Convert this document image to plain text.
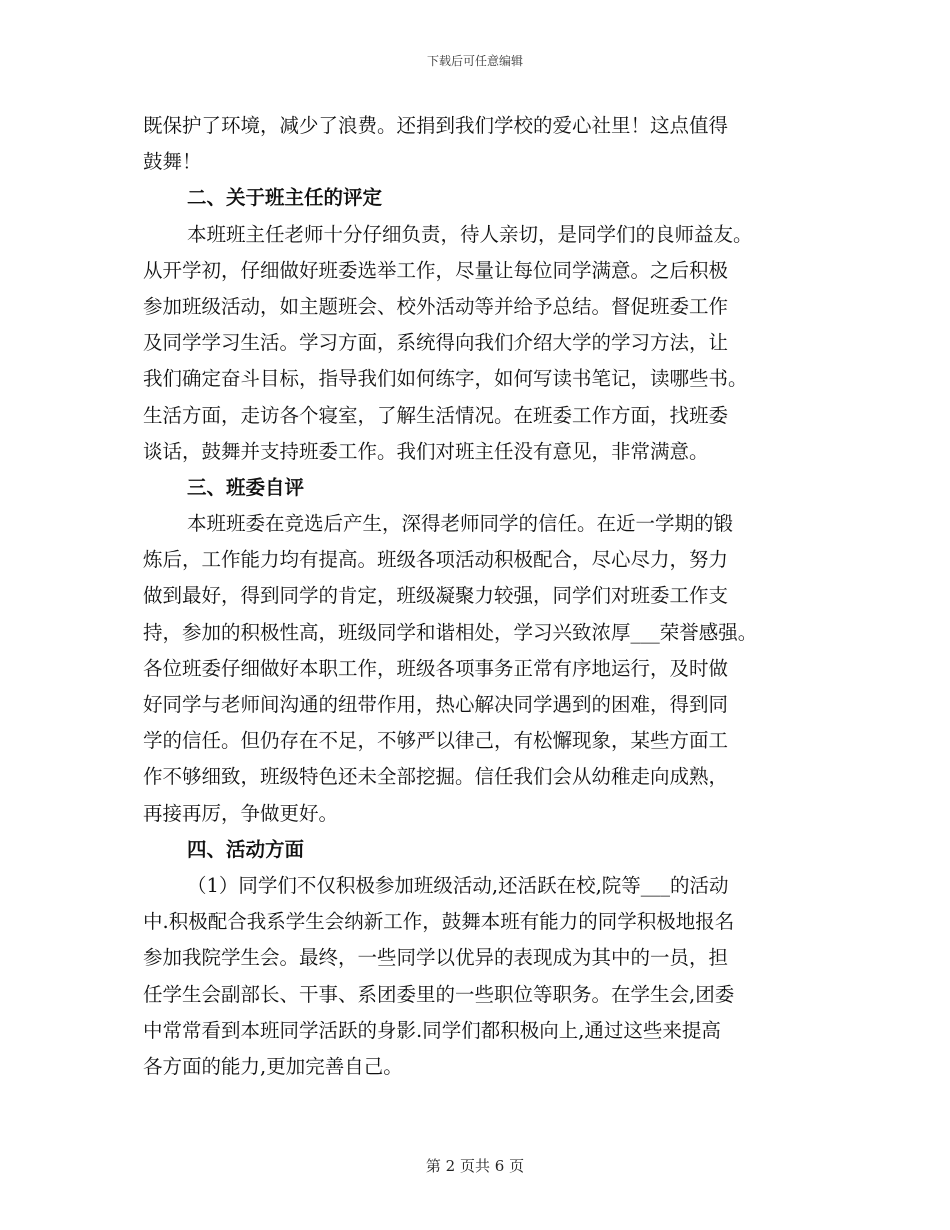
下载后可任意编辑
既保护了环境，减少了浪费。还捐到我们学校的爱心社里！这点值得
鼓舞！
二、关于班主任的评定
本班班主任老师十分仔细负责，待人亲切，是同学们的良师益友。
从开学初，仔细做好班委选举工作，尽量让每位同学满意。之后积极
参加班级活动，如主题班会、校外活动等并给予总结。督促班委工作
及同学学习生活。学习方面，系统得向我们介绍大学的学习方法，让
我们确定奋斗目标，指导我们如何练字，如何写读书笔记，读哪些书。
生活方面，走访各个寝室，了解生活情况。在班委工作方面，找班委
谈话，鼓舞并支持班委工作。我们对班主任没有意见，非常满意。
三、班委自评
本班班委在竞选后产生，深得老师同学的信任。在近一学期的锻
炼后，工作能力均有提高。班级各项活动积极配合，尽心尽力，努力
做到最好，得到同学的肯定，班级凝聚力较强，同学们对班委工作支
持，参加的积极性高，班级同学和谐相处，学习兴致浓厚___荣誉感强。
各位班委仔细做好本职工作，班级各项事务正常有序地运行，及时做
好同学与老师间沟通的纽带作用，热心解决同学遇到的困难，得到同
学的信任。但仍存在不足，不够严以律己，有松懈现象，某些方面工
作不够细致，班级特色还未全部挖掘。信任我们会从幼稚走向成熟，
再接再厉，争做更好。
四、活动方面
（1）同学们不仅积极参加班级活动,还活跃在校,院等___的活动
中.积极配合我系学生会纳新工作，鼓舞本班有能力的同学积极地报名
参加我院学生会。最终，一些同学以优异的表现成为其中的一员，担
任学生会副部长、干事、系团委里的一些职位等职务。在学生会,团委
中常常看到本班同学活跃的身影.同学们都积极向上,通过这些来提高
各方面的能力,更加完善自己。
第 2 页共 6 页
